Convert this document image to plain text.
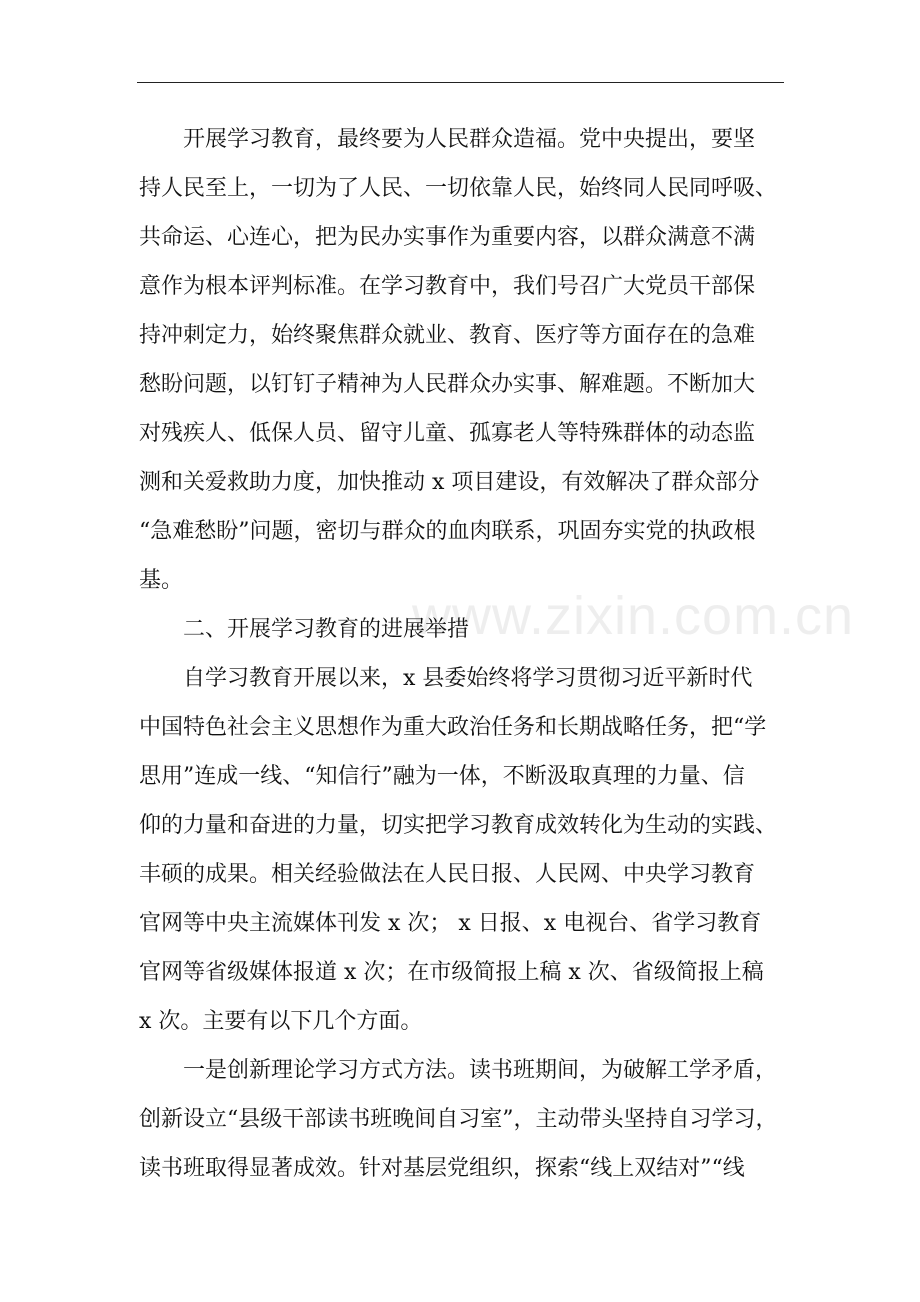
www.zixin.com.cn
开展学习教育，最终要为人民群众造福。党中央提出，要坚
持人民至上，一切为了人民、一切依靠人民，始终同人民同呼吸、
共命运、心连心，把为民办实事作为重要内容，以群众满意不满
意作为根本评判标准。在学习教育中，我们号召广大党员干部保
持冲刺定力，始终聚焦群众就业、教育、医疗等方面存在的急难
愁盼问题，以钉钉子精神为人民群众办实事、解难题。不断加大
对残疾人、低保人员、留守儿童、孤寡老人等特殊群体的动态监
测和关爱救助力度，加快推动 x 项目建设，有效解决了群众部分
“急难愁盼”问题，密切与群众的血肉联系，巩固夯实党的执政根
基。
二、开展学习教育的进展举措
自学习教育开展以来，x 县委始终将学习贯彻习近平新时代
中国特色社会主义思想作为重大政治任务和长期战略任务，把“学
思用”连成一线、“知信行”融为一体，不断汲取真理的力量、信
仰的力量和奋进的力量，切实把学习教育成效转化为生动的实践、
丰硕的成果。相关经验做法在人民日报、人民网、中央学习教育
官网等中央主流媒体刊发 x 次； x 日报、x 电视台、省学习教育
官网等省级媒体报道 x 次；在市级简报上稿 x 次、省级简报上稿
x 次。主要有以下几个方面。
一是创新理论学习方式方法。读书班期间，为破解工学矛盾，
创新设立“县级干部读书班晚间自习室”，主动带头坚持自习学习，
读书班取得显著成效。针对基层党组织，探索“线上双结对”“线
